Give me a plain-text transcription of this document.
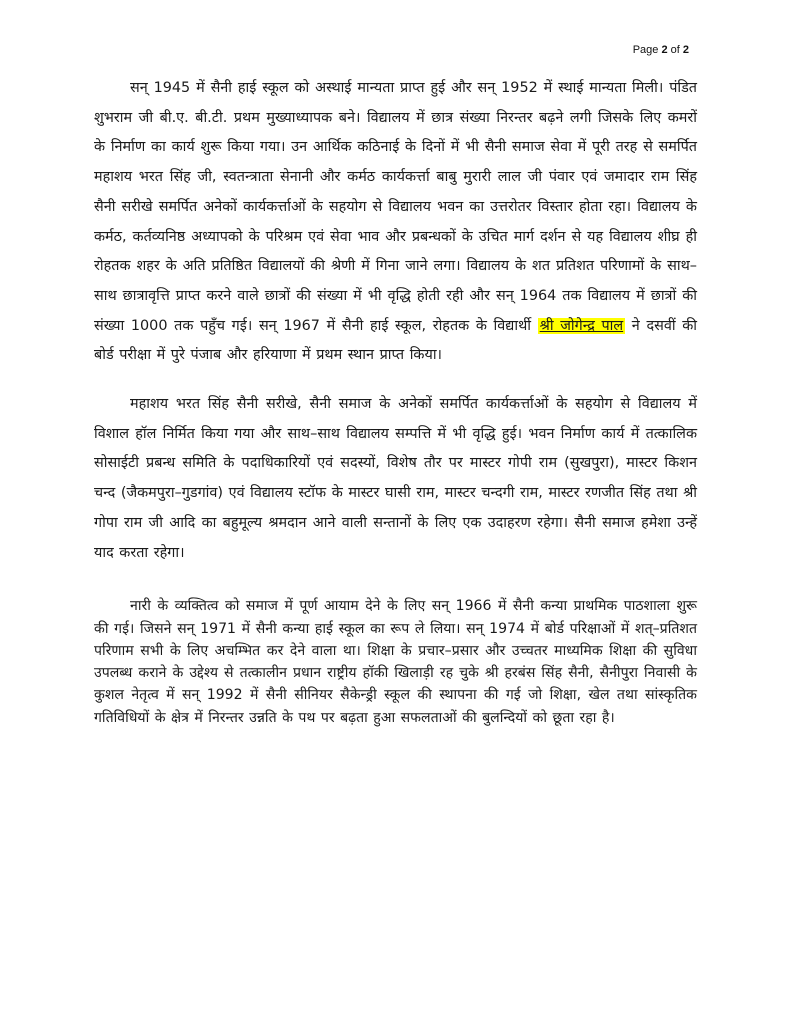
Page 2 of 2

सन् 1945 में सैनी हाई स्कूल को अस्थाई मान्यता प्राप्त हुई और सन् 1952 में स्थाई मान्यता मिली। पंडित शुभराम जी बी.ए. बी.टी. प्रथम मुख्याध्यापक बने। विद्यालय में छात्र संख्या निरन्तर बढ़ने लगी जिसके लिए कमरों के निर्माण का कार्य शुरू किया गया। उन आर्थिक कठिनाई के दिनों में भी सैनी समाज सेवा में पूरी तरह से समर्पित महाशय भरत सिंह जी, स्वतन्त्राता सेनानी और कर्मठ कार्यकर्त्ता बाबु मुरारी लाल जी पंवार एवं जमादार राम सिंह सैनी सरीखे समर्पित अनेकों कार्यकर्त्ताओं के सहयोग से विद्यालय भवन का उत्तरोतर विस्तार होता रहा। विद्यालय के कर्मठ, कर्तव्यनिष्ठ अध्यापको के परिश्रम एवं सेवा भाव और प्रबन्धकों के उचित मार्ग दर्शन से यह विद्यालय शीघ्र ही रोहतक शहर के अति प्रतिष्ठित विद्यालयों की श्रेणी में गिना जाने लगा। विद्यालय के शत प्रतिशत परिणामों के साथ–साथ छात्रावृत्ति प्राप्त करने वाले छात्रों की संख्या में भी वृद्धि होती रही और सन् 1964 तक विद्यालय में छात्रों की संख्या 1000 तक पहुँच गई। सन् 1967 में सैनी हाई स्कूल, रोहतक के विद्यार्थी श्री जोगेन्द्र पाल ने दसवीं की बोर्ड परीक्षा में पुरे पंजाब और हरियाणा में प्रथम स्थान प्राप्त किया।

महाशय भरत सिंह सैनी सरीखे, सैनी समाज के अनेकों समर्पित कार्यकर्त्ताओं के सहयोग से विद्यालय में विशाल हॉल निर्मित किया गया और साथ–साथ विद्यालय सम्पत्ति में भी वृद्धि हुई। भवन निर्माण कार्य में तत्कालिक सोसाईटी प्रबन्ध समिति के पदाधिकारियों एवं सदस्यों, विशेष तौर पर मास्टर गोपी राम (सुखपुरा), मास्टर किशन चन्द (जैकमपुरा–गुडगांव) एवं विद्यालय स्टॉफ के मास्टर घासी राम, मास्टर चन्दगी राम, मास्टर रणजीत सिंह तथा श्री गोपा राम जी आदि का बहुमूल्य श्रमदान आने वाली सन्तानों के लिए एक उदाहरण रहेगा। सैनी समाज हमेशा उन्हें याद करता रहेगा।

नारी के व्यक्तित्व को समाज में पूर्ण आयाम देने के लिए सन् 1966 में सैनी कन्या प्राथमिक पाठशाला शुरू की गई। जिसने सन् 1971 में सैनी कन्या हाई स्कूल का रूप ले लिया। सन् 1974 में बोर्ड परिक्षाओं में शत्–प्रतिशत परिणाम सभी के लिए अचम्भित कर देने वाला था। शिक्षा के प्रचार–प्रसार और उच्चतर माध्यमिक शिक्षा की सुविधा उपलब्ध कराने के उद्देश्य से तत्कालीन प्रधान राष्ट्रीय हॉकी खिलाड़ी रह चुके श्री हरबंस सिंह सैनी, सैनीपुरा निवासी के कुशल नेतृत्व में सन् 1992 में सैनी सीनियर सैकेन्ड्री स्कूल की स्थापना की गई जो शिक्षा, खेल तथा सांस्कृतिक गतिविधियों के क्षेत्र में निरन्तर उन्नति के पथ पर बढ़ता हुआ सफलताओं की बुलन्दियों को छूता रहा है।
